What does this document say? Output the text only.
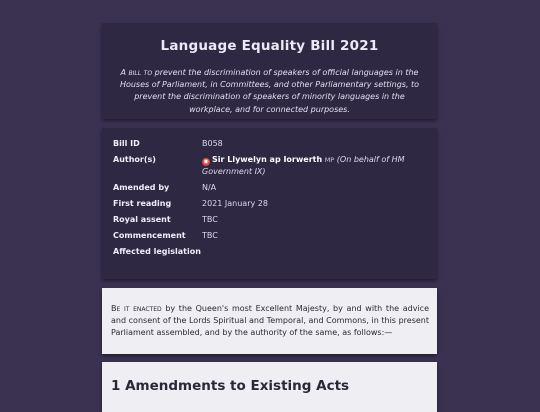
Language Equality Bill 2021

A bill to prevent the discrimination of speakers of official languages in the Houses of Parliament, in Committees, and other Parliamentary settings, to prevent the discrimination of speakers of minority languages in the workplace, and for connected purposes.

Bill ID	B058
Author(s)	◉ Sir Llywelyn ap Iorwerth MP (On behalf of HM Government IX)
Amended by	N/A
First reading	2021 January 28
Royal assent	TBC
Commencement	TBC
Affected legislation
Be it enacted by the Queen's most Excellent Majesty, by and with the advice and consent of the Lords Spiritual and Temporal, and Commons, in this present Parliament assembled, and by the authority of the same, as follows:—
1 Amendments to Existing Acts
